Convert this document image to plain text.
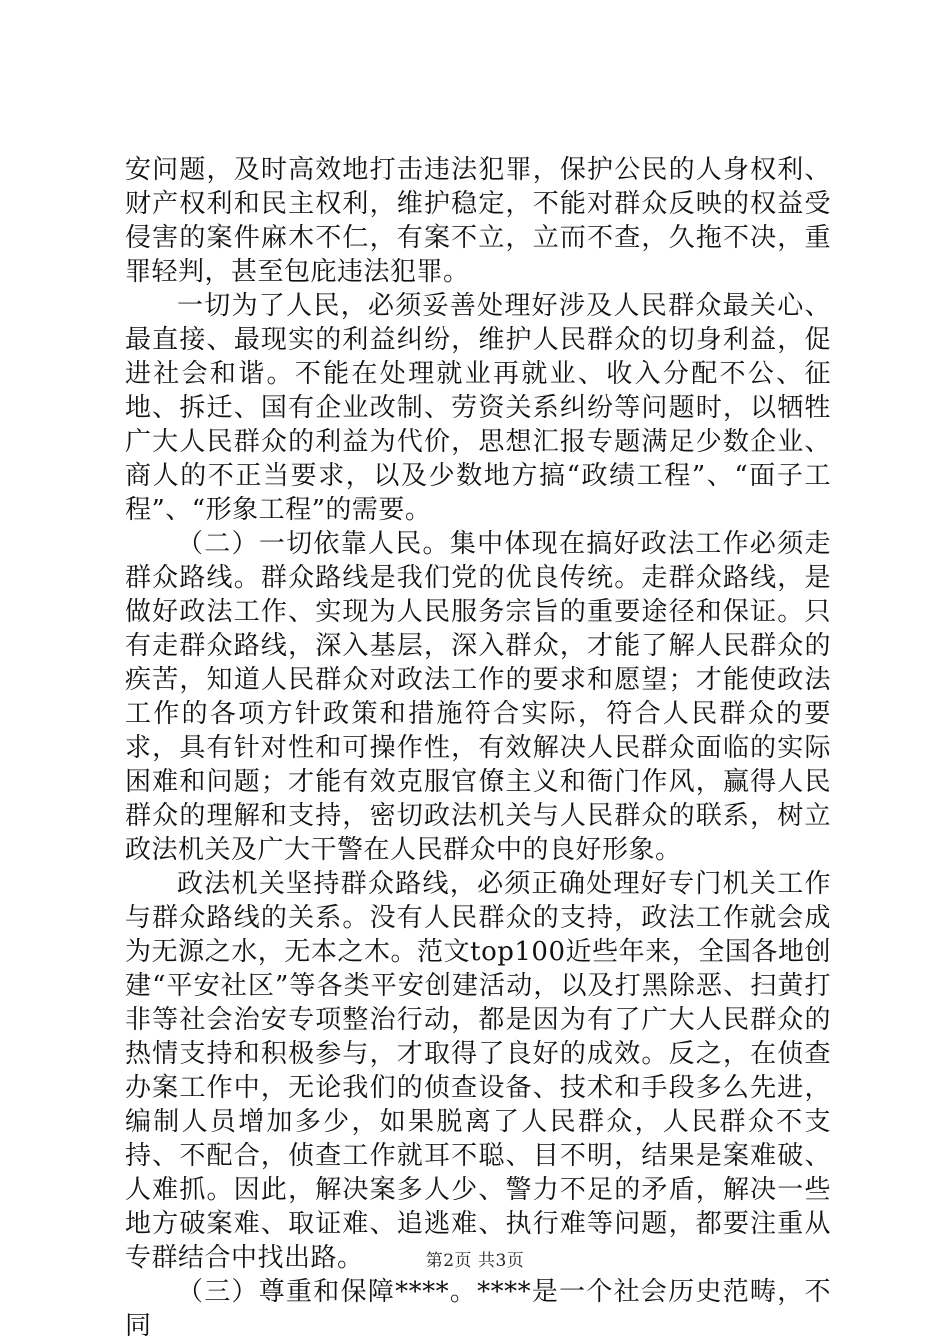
安问题，及时高效地打击违法犯罪，保护公民的人身权利、财产权利和民主权利，维护稳定，不能对群众反映的权益受侵害的案件麻木不仁，有案不立，立而不查，久拖不决，重罪轻判，甚至包庇违法犯罪。

一切为了人民，必须妥善处理好涉及人民群众最关心、最直接、最现实的利益纠纷，维护人民群众的切身利益，促进社会和谐。不能在处理就业再就业、收入分配不公、征地、拆迁、国有企业改制、劳资关系纠纷等问题时，以牺牲广大人民群众的利益为代价，思想汇报专题满足少数企业、商人的不正当要求，以及少数地方搞“政绩工程”、“面子工程”、“形象工程”的需要。

（二）一切依靠人民。集中体现在搞好政法工作必须走群众路线。群众路线是我们党的优良传统。走群众路线，是做好政法工作、实现为人民服务宗旨的重要途径和保证。只有走群众路线，深入基层，深入群众，才能了解人民群众的疾苦，知道人民群众对政法工作的要求和愿望；才能使政法工作的各项方针政策和措施符合实际，符合人民群众的要求，具有针对性和可操作性，有效解决人民群众面临的实际困难和问题；才能有效克服官僚主义和衙门作风，赢得人民群众的理解和支持，密切政法机关与人民群众的联系，树立政法机关及广大干警在人民群众中的良好形象。

政法机关坚持群众路线，必须正确处理好专门机关工作与群众路线的关系。没有人民群众的支持，政法工作就会成为无源之水，无本之木。范文top100近些年来，全国各地创建“平安社区”等各类平安创建活动，以及打黑除恶、扫黄打非等社会治安专项整治行动，都是因为有了广大人民群众的热情支持和积极参与，才取得了良好的成效。反之，在侦查办案工作中，无论我们的侦查设备、技术和手段多么先进，编制人员增加多少，如果脱离了人民群众，人民群众不支持、不配合，侦查工作就耳不聪、目不明，结果是案难破、人难抓。因此，解决案多人少、警力不足的矛盾，解决一些地方破案难、取证难、追逃难、执行难等问题，都要注重从专群结合中找出路。

（三）尊重和保障****。****是一个社会历史范畴，不同

第2页 共3页
